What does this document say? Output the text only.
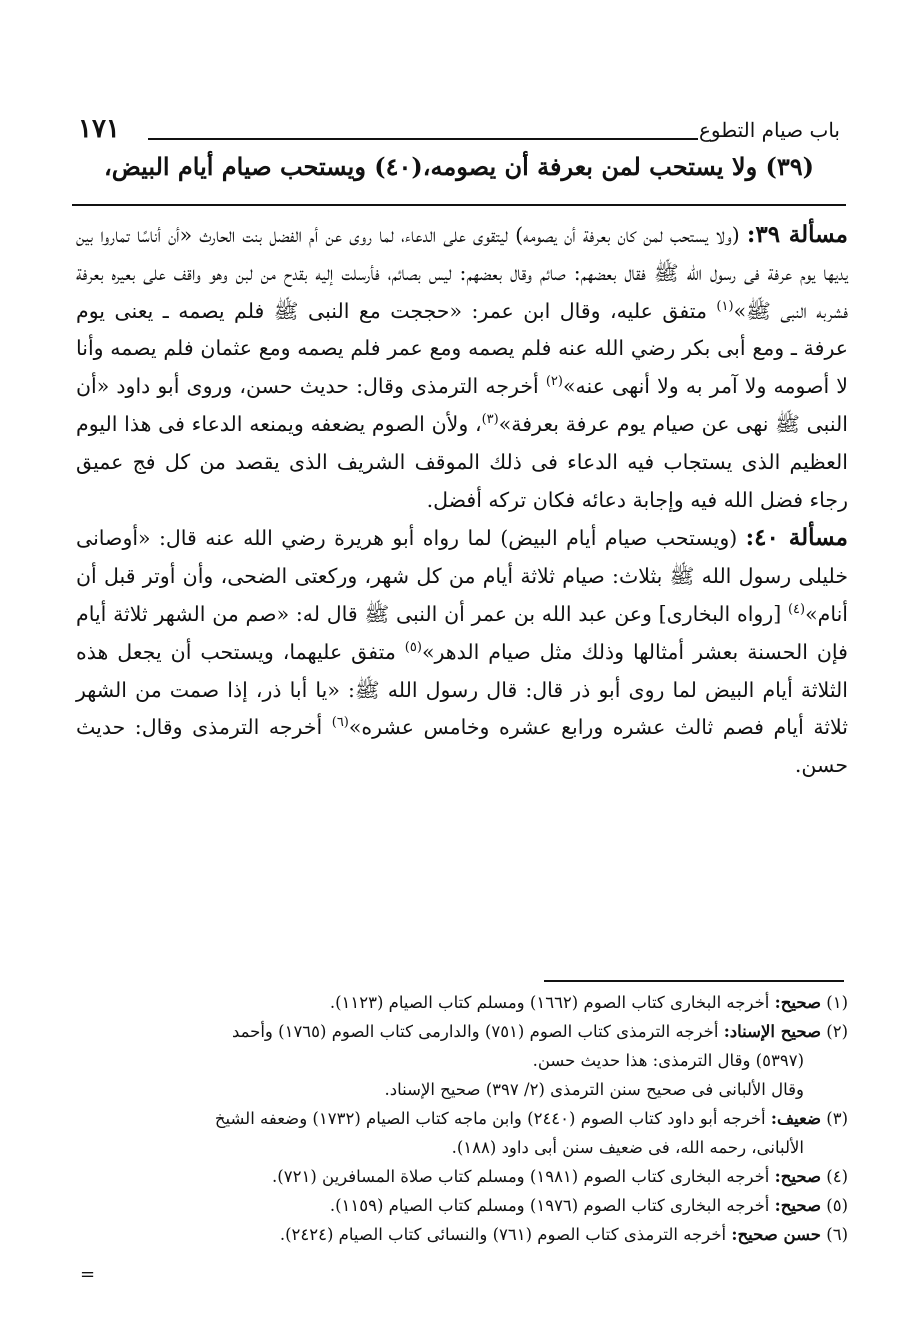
باب صيام التطوع
١٧١
(٣٩) ولا يستحب لمن بعرفة أن يصومه،(٤٠) ويستحب صيام أيام البيض،

مسألة ٣٩: (ولا يستحب لمن كان بعرفة أن يصومه) ليتقوى على الدعاء، لما روى عن أم الفضل بنت الحارث «أن أناسًا تماروا بين يديها يوم عرفة فى رسول الله ﷺ فقال بعضهم: صائم وقال بعضهم: ليس بصائم، فأرسلت إليه بقدح من لبن وهو واقف على بعيره بعرفة فشربه النبى ﷺ»$^{(١)}$ متفق عليه، وقال ابن عمر: «حججت مع النبى ﷺ فلم يصمه ـ يعنى يوم عرفة ـ ومع أبى بكر رضي الله عنه فلم يصمه ومع عمر فلم يصمه ومع عثمان فلم يصمه وأنا لا أصومه ولا آمر به ولا أنهى عنه»$^{(٢)}$ أخرجه الترمذى وقال: حديث حسن، وروى أبو داود «أن النبى ﷺ نهى عن صيام يوم عرفة بعرفة»$^{(٣)}$، ولأن الصوم يضعفه ويمنعه الدعاء فى هذا اليوم العظيم الذى يستجاب فيه الدعاء فى ذلك الموقف الشريف الذى يقصد من كل فج عميق رجاء فضل الله فيه وإجابة دعائه فكان تركه أفضل.

مسألة ٤٠: (ويستحب صيام أيام البيض) لما رواه أبو هريرة رضي الله عنه قال: «أوصانى خليلى رسول الله ﷺ بثلاث: صيام ثلاثة أيام من كل شهر، وركعتى الضحى، وأن أوتر قبل أن أنام»$^{(٤)}$ [رواه البخارى] وعن عبد الله بن عمر أن النبى ﷺ قال له: «صم من الشهر ثلاثة أيام فإن الحسنة بعشر أمثالها وذلك مثل صيام الدهر»$^{(٥)}$ متفق عليهما، ويستحب أن يجعل هذه الثلاثة أيام البيض لما روى أبو ذر قال: قال رسول الله ﷺ: «يا أبا ذر، إذا صمت من الشهر ثلاثة أيام فصم ثالث عشره ورابع عشره وخامس عشره»$^{(٦)}$ أخرجه الترمذى وقال: حديث حسن.

(١) صحيح: أخرجه البخارى كتاب الصوم (١٦٦٢) ومسلم كتاب الصيام (١١٢٣).
(٢) صحيح الإسناد: أخرجه الترمذى كتاب الصوم (٧٥١) والدارمى كتاب الصوم (١٧٦٥) وأحمد
(٥٣٩٧) وقال الترمذى: هذا حديث حسن.
وقال الألبانى فى صحيح سنن الترمذى (٢/ ٣٩٧) صحيح الإسناد.
(٣) ضعيف: أخرجه أبو داود كتاب الصوم (٢٤٤٠) وابن ماجه كتاب الصيام (١٧٣٢) وضعفه الشيخ
الألبانى، رحمه الله، فى ضعيف سنن أبى داود (١٨٨).
(٤) صحيح: أخرجه البخارى كتاب الصوم (١٩٨١) ومسلم كتاب صلاة المسافرين (٧٢١).
(٥) صحيح: أخرجه البخارى كتاب الصوم (١٩٧٦) ومسلم كتاب الصيام (١١٥٩).
(٦) حسن صحيح: أخرجه الترمذى كتاب الصوم (٧٦١) والنسائى كتاب الصيام (٢٤٢٤).
=
